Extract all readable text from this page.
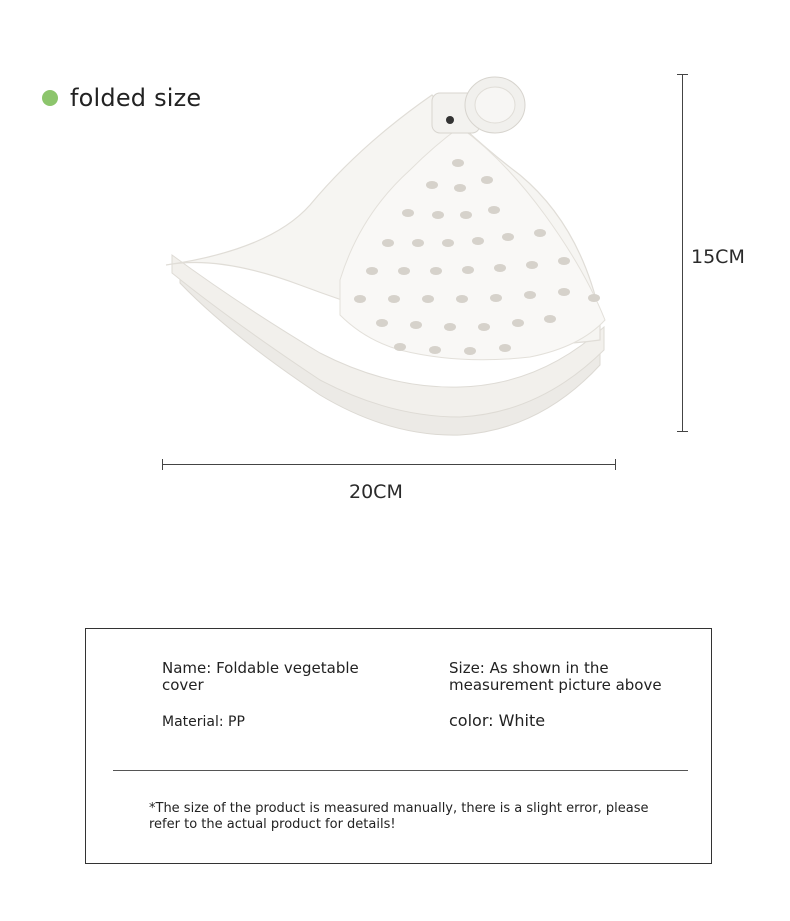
folded size
20CM
15CM
Name: Foldable vegetable cover
Size: As shown in the measurement picture above
Material: PP	color: White
*The size of the product is measured manually, there is a slight error, please refer to the actual product for details!
